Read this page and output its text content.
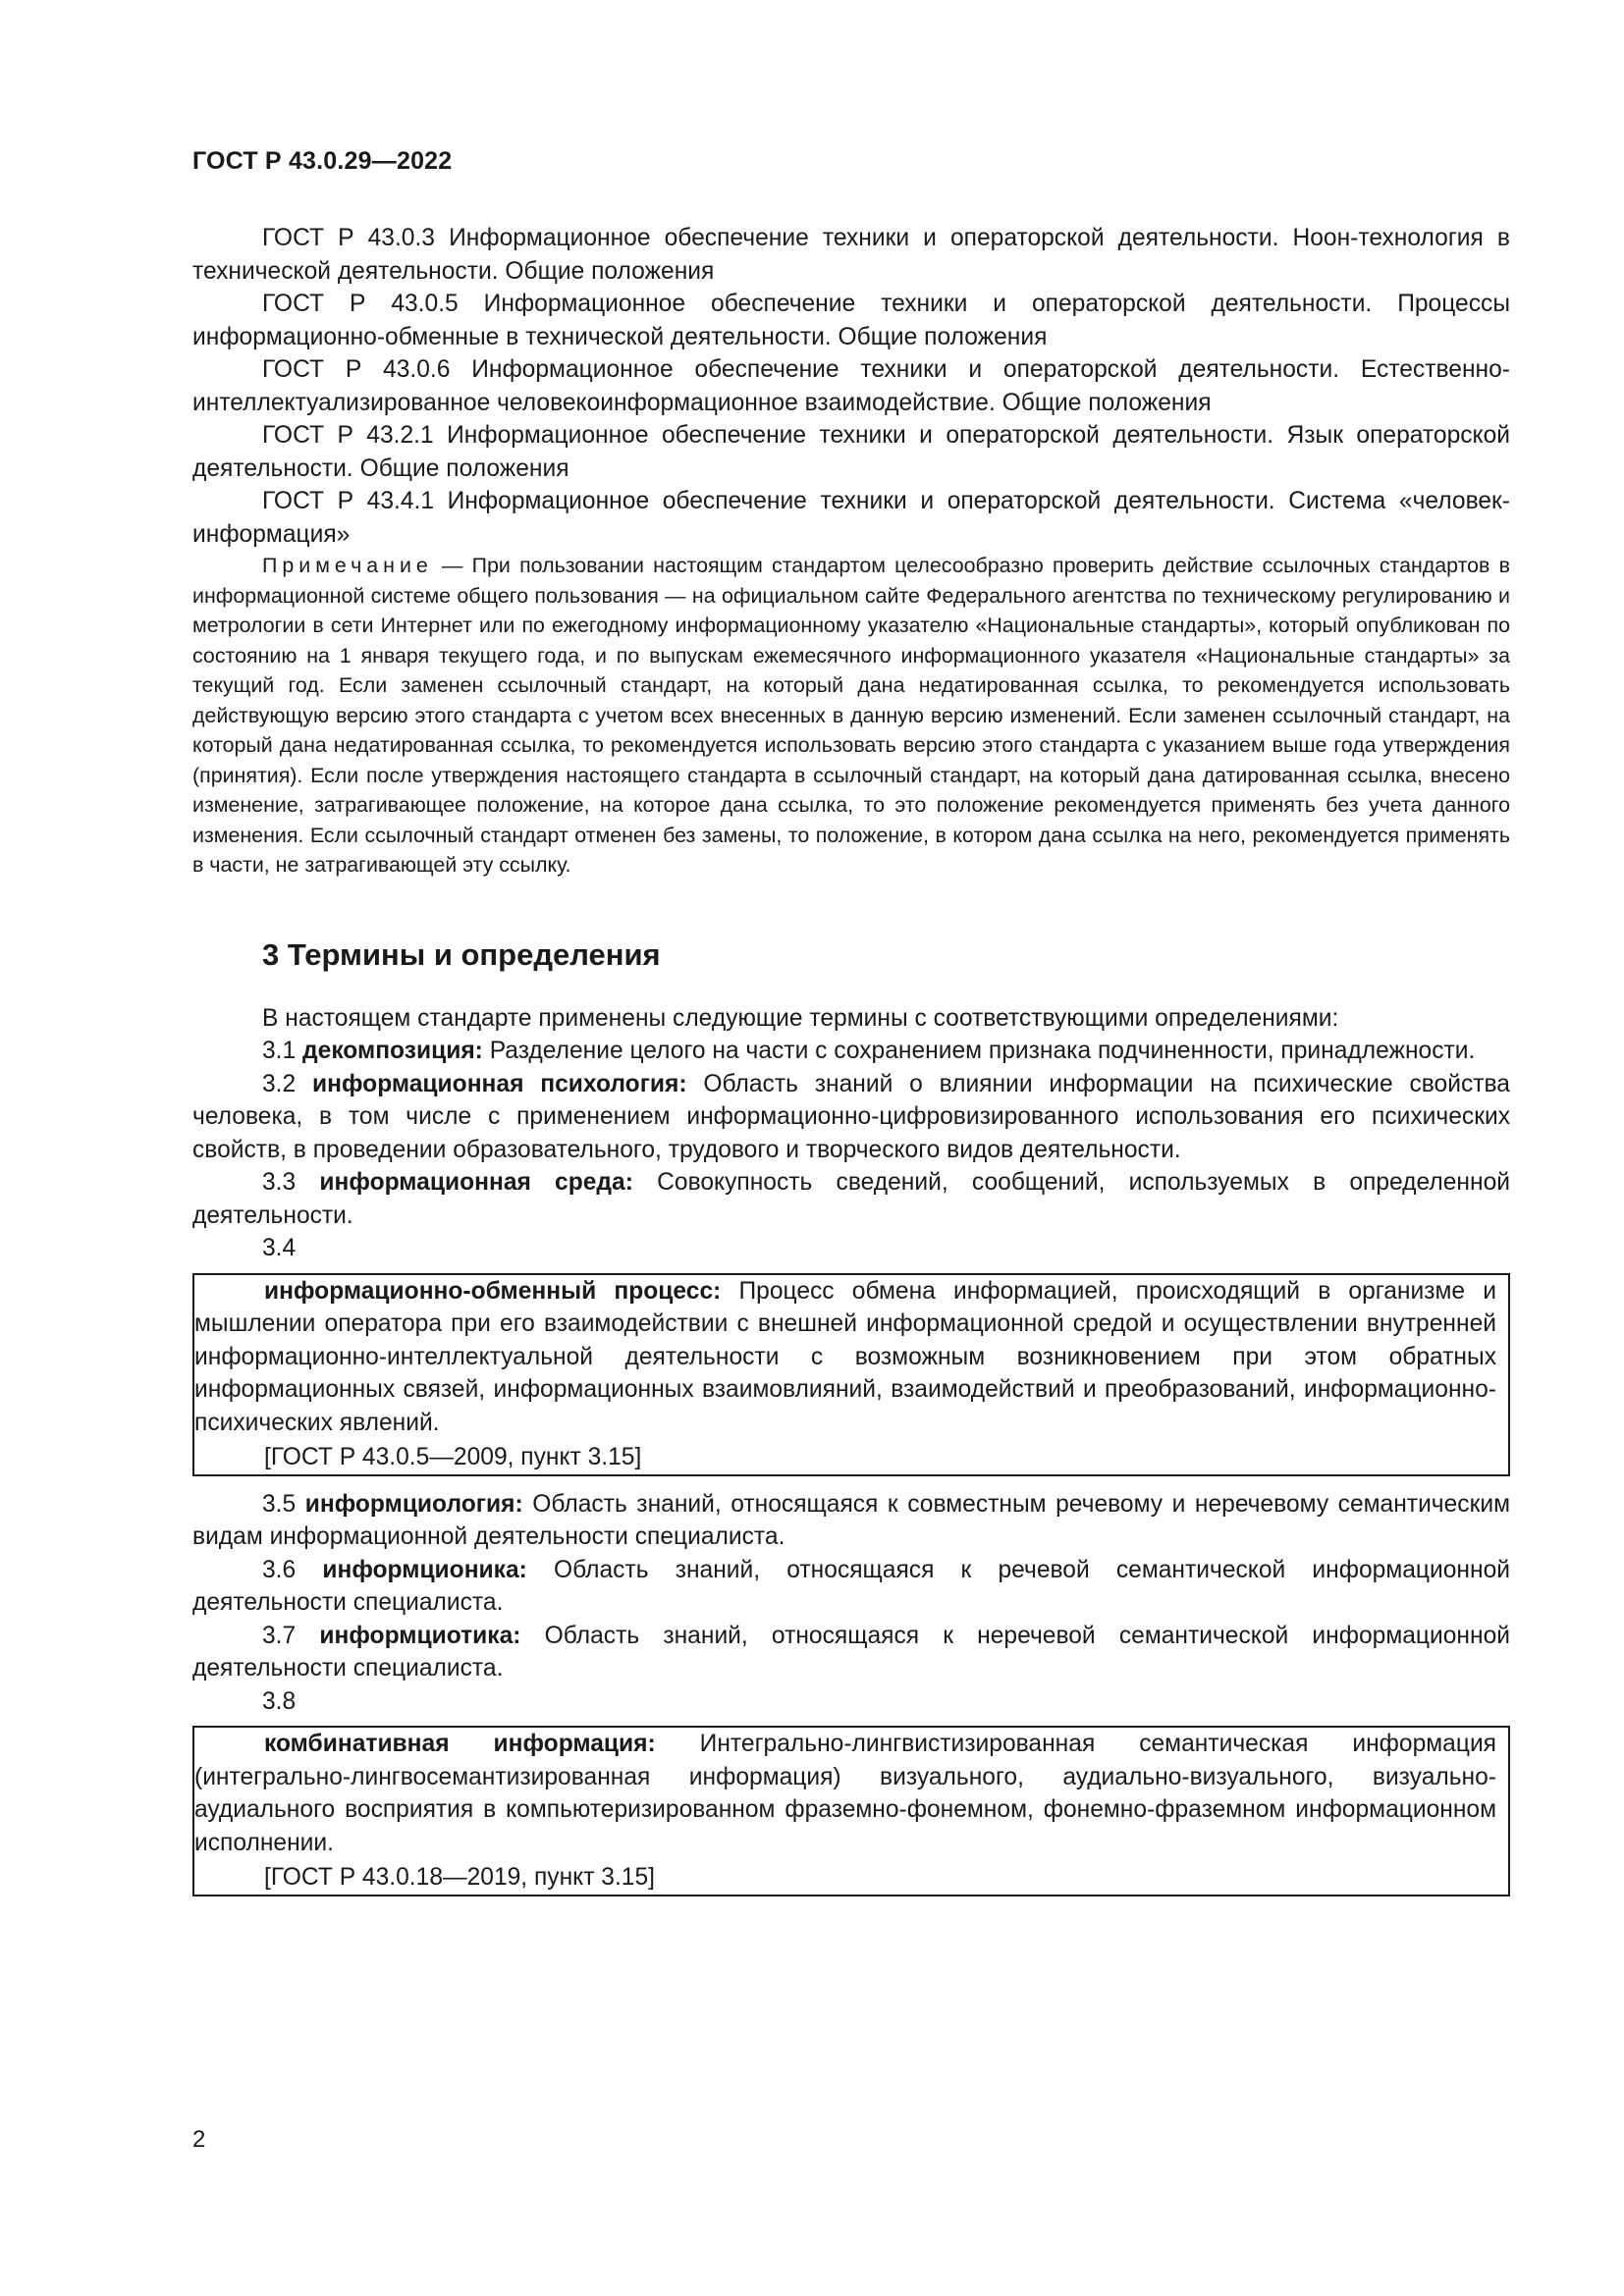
ГОСТ Р 43.0.29—2022

ГОСТ Р 43.0.3 Информационное обеспечение техники и операторской деятельности. Ноон-технология в технической деятельности. Общие положения

ГОСТ Р 43.0.5 Информационное обеспечение техники и операторской деятельности. Процессы информационно-обменные в технической деятельности. Общие положения

ГОСТ Р 43.0.6 Информационное обеспечение техники и операторской деятельности. Естественно-интеллектуализированное человекоинформационное взаимодействие. Общие положения

ГОСТ Р 43.2.1 Информационное обеспечение техники и операторской деятельности. Язык операторской деятельности. Общие положения

ГОСТ Р 43.4.1 Информационное обеспечение техники и операторской деятельности. Система «человек-информация»

Примечание — При пользовании настоящим стандартом целесообразно проверить действие ссылочных стандартов в информационной системе общего пользования — на официальном сайте Федерального агентства по техническому регулированию и метрологии в сети Интернет или по ежегодному информационному указателю «Национальные стандарты», который опубликован по состоянию на 1 января текущего года, и по выпускам ежемесячного информационного указателя «Национальные стандарты» за текущий год. Если заменен ссылочный стандарт, на который дана недатированная ссылка, то рекомендуется использовать действующую версию этого стандарта с учетом всех внесенных в данную версию изменений. Если заменен ссылочный стандарт, на который дана недатированная ссылка, то рекомендуется использовать версию этого стандарта с указанием выше года утверждения (принятия). Если после утверждения настоящего стандарта в ссылочный стандарт, на который дана датированная ссылка, внесено изменение, затрагивающее положение, на которое дана ссылка, то это положение рекомендуется применять без учета данного изменения. Если ссылочный стандарт отменен без замены, то положение, в котором дана ссылка на него, рекомендуется применять в части, не затрагивающей эту ссылку.

3 Термины и определения

В настоящем стандарте применены следующие термины с соответствующими определениями:

3.1 декомпозиция: Разделение целого на части с сохранением признака подчиненности, принадлежности.

3.2 информационная психология: Область знаний о влиянии информации на психические свойства человека, в том числе с применением информационно-цифровизированного использования его психических свойств, в проведении образовательного, трудового и творческого видов деятельности.

3.3 информационная среда: Совокупность сведений, сообщений, используемых в определенной деятельности.

3.4

информационно-обменный процесс: Процесс обмена информацией, происходящий в организме и мышлении оператора при его взаимодействии с внешней информационной средой и осуществлении внутренней информационно-интеллектуальной деятельности с возможным возникновением при этом обратных информационных связей, информационных взаимовлияний, взаимодействий и преобразований, информационно-психических явлений.

[ГОСТ Р 43.0.5—2009, пункт 3.15]

3.5 информциология: Область знаний, относящаяся к совместным речевому и неречевому семантическим видам информационной деятельности специалиста.

3.6 информционика: Область знаний, относящаяся к речевой семантической информационной деятельности специалиста.

3.7 информциотика: Область знаний, относящаяся к неречевой семантической информационной деятельности специалиста.

3.8

комбинативная информация: Интегрально-лингвистизированная семантическая информация (интегрально-лингвосемантизированная информация) визуального, аудиально-визуального, визуально-аудиального восприятия в компьютеризированном фраземно-фонемном, фонемно-фраземном информационном исполнении.

[ГОСТ Р 43.0.18—2019, пункт 3.15]

2
